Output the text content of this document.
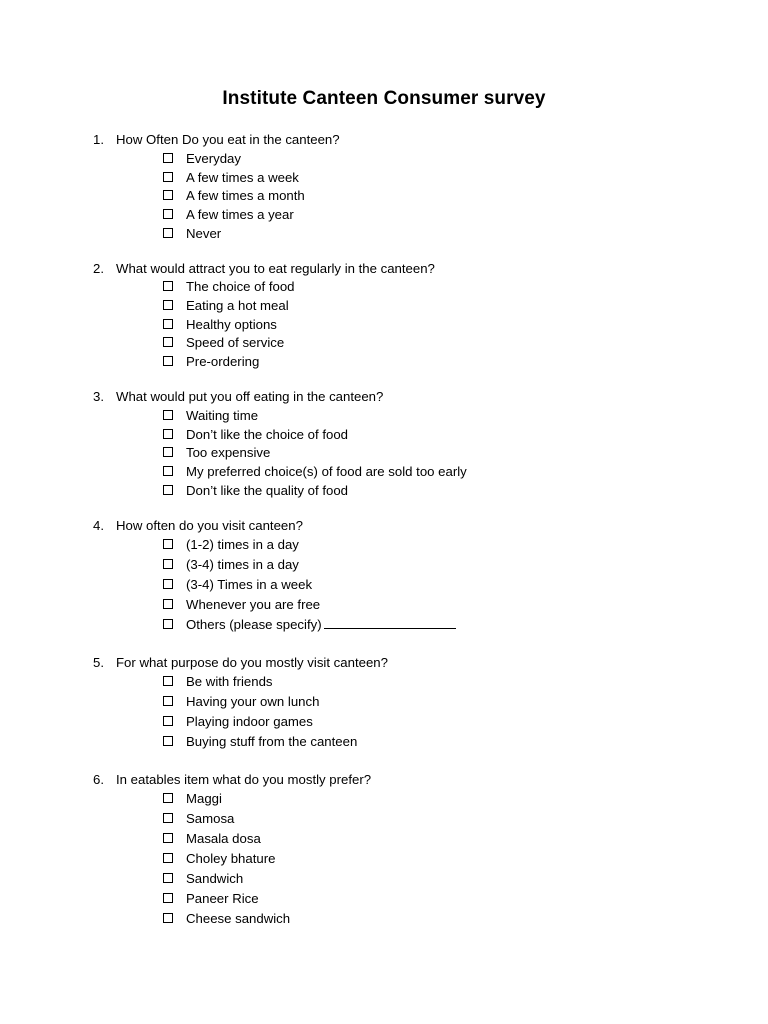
Institute Canteen Consumer survey
1. How Often Do you eat in the canteen?
Everyday
A few times a week
A few times a month
A few times a year
Never
2. What would attract you to eat regularly in the canteen?
The choice of food
Eating a hot meal
Healthy options
Speed of service
Pre-ordering
3. What would put you off eating in the canteen?
Waiting time
Don’t like the choice of food
Too expensive
My preferred choice(s) of food are sold too early
Don’t like the quality of food
4. How often do you visit canteen?
(1-2) times in a day
(3-4) times in a day
(3-4) Times in a week
Whenever you are free
Others (please specify)
5. For what purpose do you mostly visit canteen?
Be with friends
Having your own lunch
Playing indoor games
Buying stuff from the canteen
6. In eatables item what do you mostly prefer?
Maggi
Samosa
Masala dosa
Choley bhature
Sandwich
Paneer Rice
Cheese sandwich
